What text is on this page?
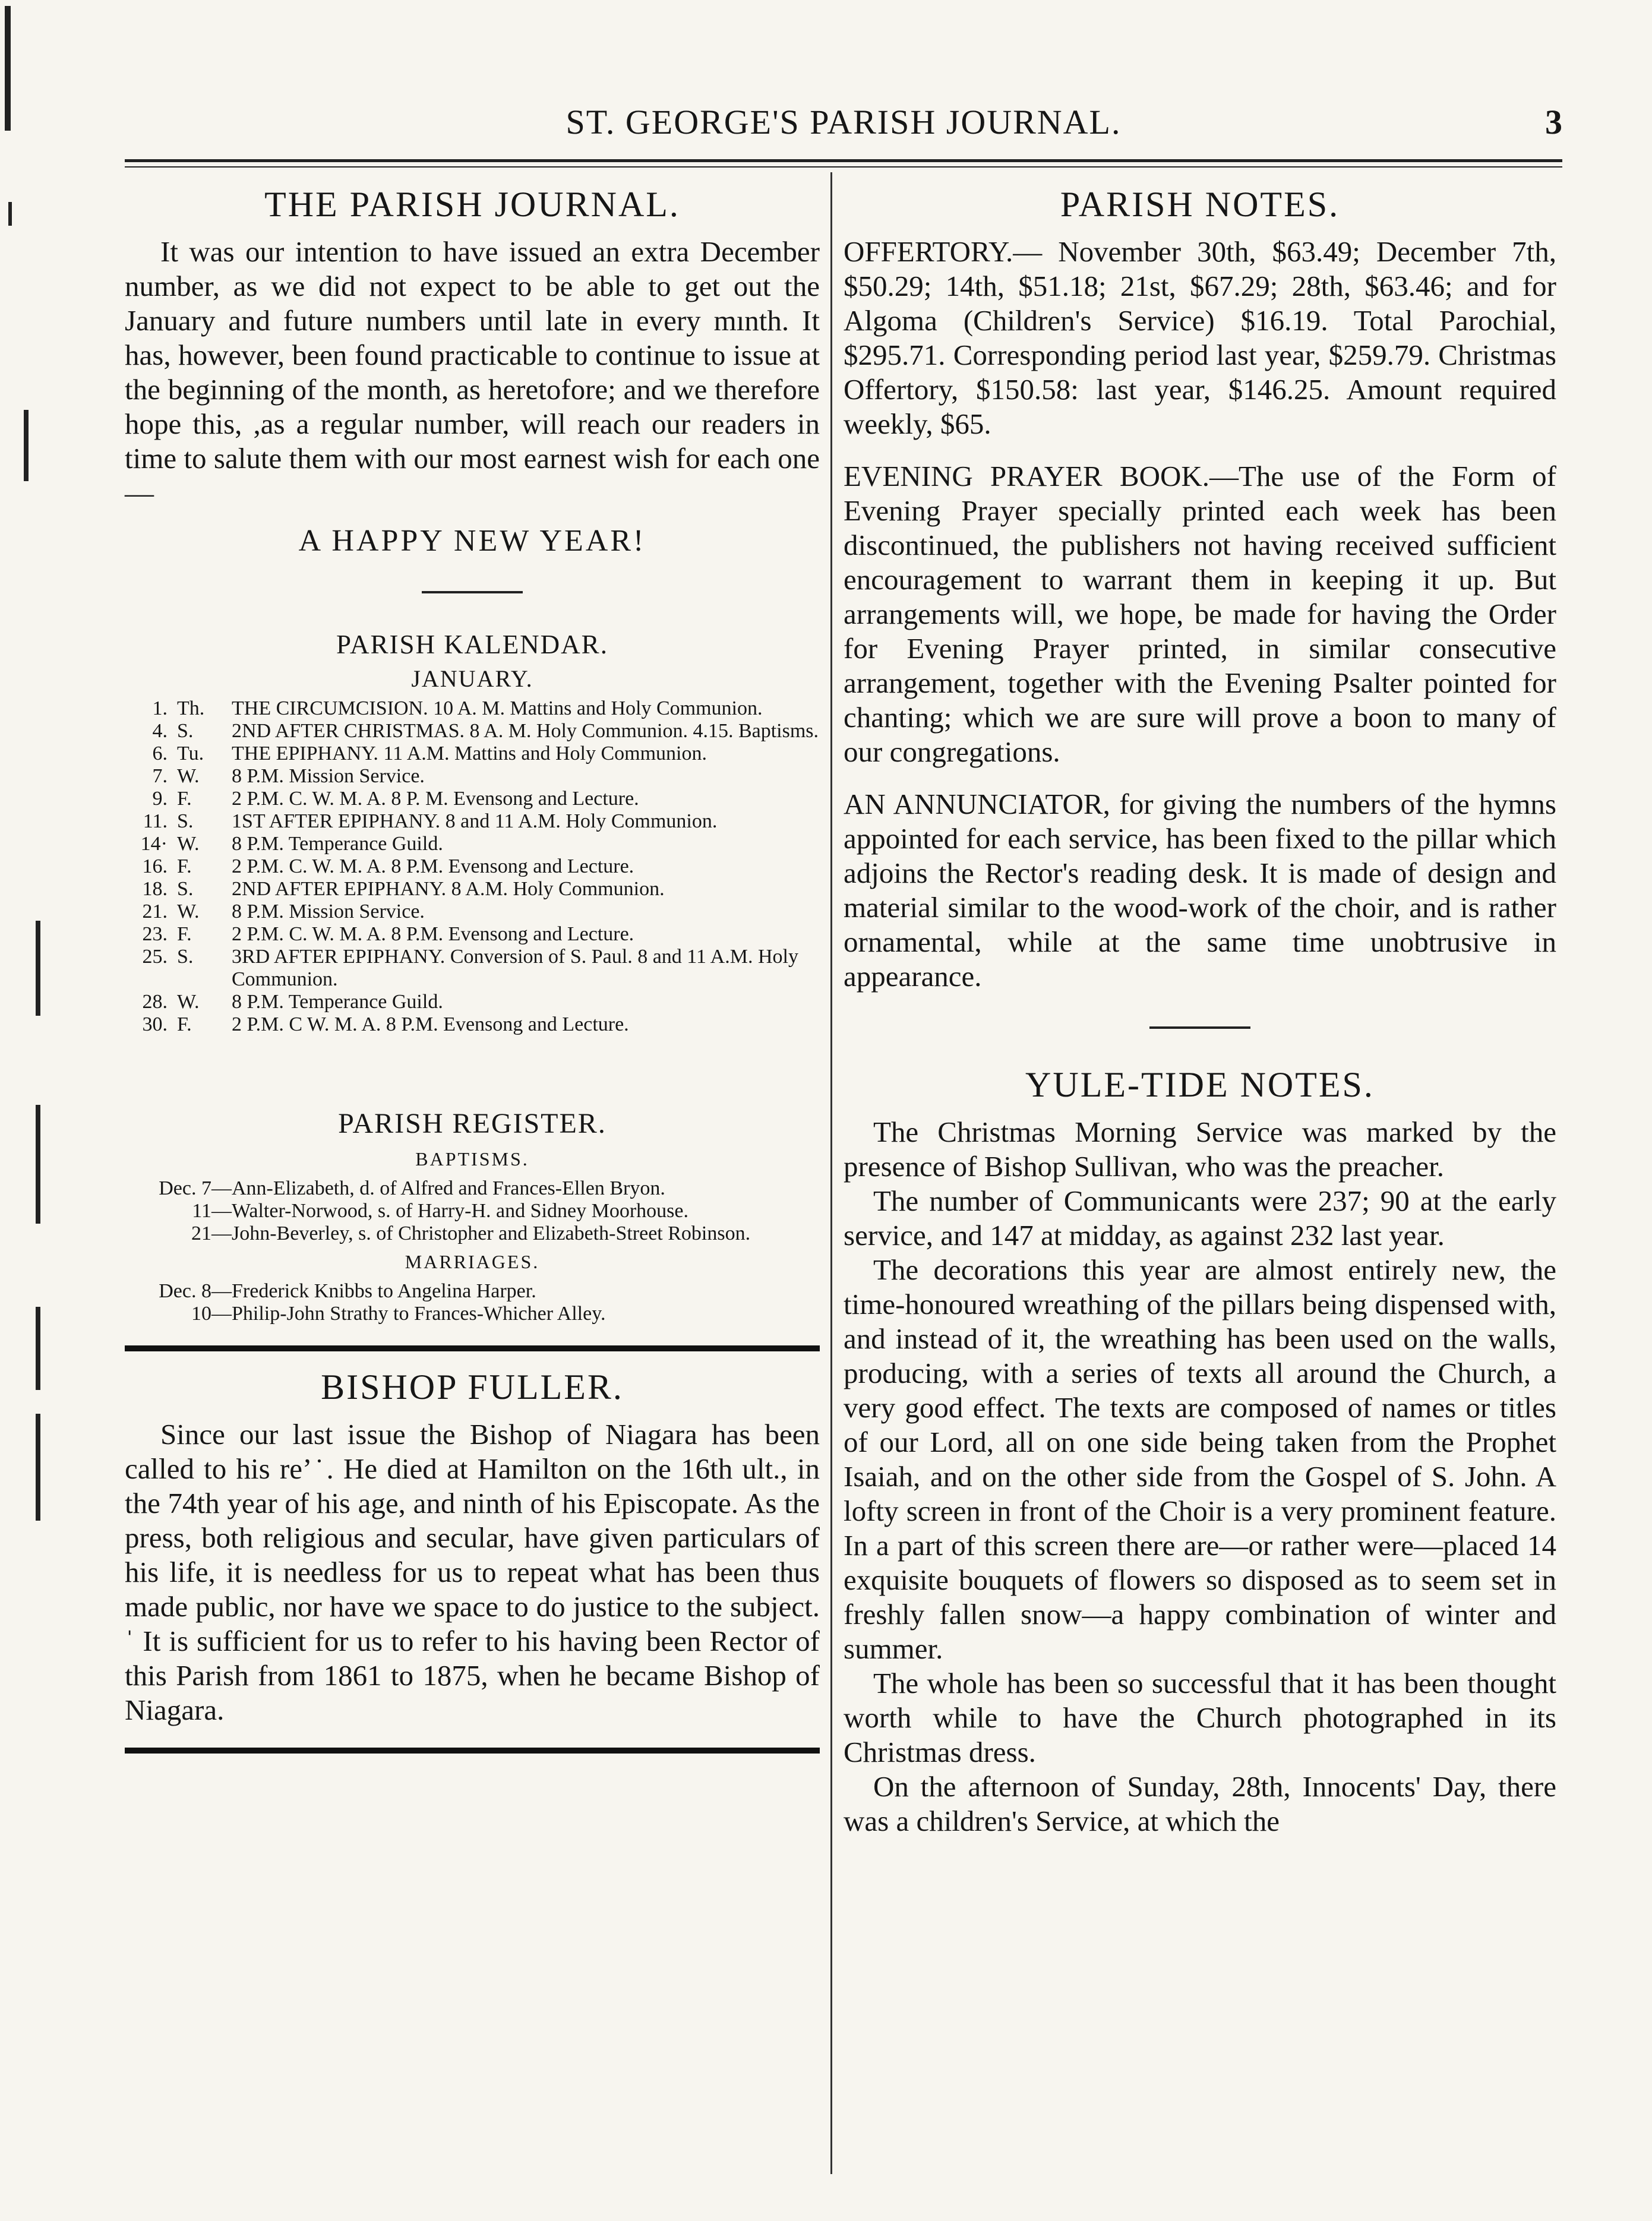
ST. GEORGE'S PARISH JOURNAL.	3
THE PARISH JOURNAL.

It was our intention to have issued an extra December number, as we did not expect to be able to get out the January and future numbers until late in every mınth. It has, however, been found practicable to continue to issue at the beginning of the month, as heretofore; and we therefore hope this, ,as a regular number, will reach our readers in time to salute them with our most earnest wish for each one—

A HAPPY NEW YEAR!
PARISH KALENDAR.
JANUARY.
1. Th.	THE CIRCUMCISION. 10 A. M. Mattins and Holy Communion.
4. S.	2ND AFTER CHRISTMAS. 8 A. M. Holy Communion. 4.15. Baptisms.
6. Tu.	THE EPIPHANY. 11 A.M. Mattins and Holy Communion.
7. W.	8 P.M. Mission Service.
9. F.	2 P.M. C. W. M. A. 8 P. M. Evensong and Lecture.
11. S.	1ST AFTER EPIPHANY. 8 and 11 A.M. Holy Communion.
14· W.	8 P.M. Temperance Guild.
16. F.	2 P.M. C. W. M. A. 8 P.M. Evensong and Lecture.
18. S.	2ND AFTER EPIPHANY. 8 A.M. Holy Communion.
21. W.	8 P.M. Mission Service.
23. F.	2 P.M. C. W. M. A. 8 P.M. Evensong and Lecture.
25. S.	3RD AFTER EPIPHANY. Conversion of S. Paul. 8 and 11 A.M. Holy Communion.
28. W.	8 P.M. Temperance Guild.
30. F.	2 P.M. C W. M. A. 8 P.M. Evensong and Lecture.
PARISH REGISTER.
BAPTISMS.
Dec. 7— Ann-Elizabeth, d. of Alfred and Frances-Ellen Bryon.
11— Walter-Norwood, s. of Harry-H. and Sidney Moorhouse.
21— John-Beverley, s. of Christopher and Elizabeth-Street Robinson.
MARRIAGES.
Dec. 8— Frederick Knibbs to Angelina Harper.
10— Philip-John Strathy to Frances-Whicher Alley.
BISHOP FULLER.

Since our last issue the Bishop of Niagara has been called to his re’˙. He died at Hamilton on the 16th ult., in the 74th year of his age, and ninth of his Episcopate. As the press, both religious and secular, have given particulars of his life, it is needless for us to repeat what has been thus made public, nor have we space to do justice to the subject. ˈ It is sufficient for us to refer to his having been Rector of this Parish from 1861 to 1875, when he became Bishop of Niagara.

PARISH NOTES.

OFFERTORY.— November 30th, $63.49; December 7th, $50.29; 14th, $51.18; 21st, $67.29; 28th, $63.46; and for Algoma (Children's Service) $16.19. Total Parochial, $295.71. Corresponding period last year, $259.79. Christmas Offertory, $150.58: last year, $146.25. Amount required weekly, $65.

EVENING PRAYER BOOK.—The use of the Form of Evening Prayer specially printed each week has been discontinued, the publishers not having received sufficient encouragement to warrant them in keeping it up. But arrangements will, we hope, be made for having the Order for Evening Prayer printed, in similar consecutive arrangement, together with the Evening Psalter pointed for chanting; which we are sure will prove a boon to many of our congregations.

AN ANNUNCIATOR, for giving the numbers of the hymns appointed for each service, has been fixed to the pillar which adjoins the Rector's reading desk. It is made of design and material similar to the wood-work of the choir, and is rather ornamental, while at the same time unobtrusive in appearance.

YULE-TIDE NOTES.

The Christmas Morning Service was marked by the presence of Bishop Sullivan, who was the preacher.

The number of Communicants were 237; 90 at the early service, and 147 at midday, as against 232 last year.

The decorations this year are almost entirely new, the time-honoured wreathing of the pillars being dispensed with, and instead of it, the wreathing has been used on the walls, producing, with a series of texts all around the Church, a very good effect. The texts are composed of names or titles of our Lord, all on one side being taken from the Prophet Isaiah, and on the other side from the Gospel of S. John. A lofty screen in front of the Choir is a very prominent feature. In a part of this screen there are—or rather were—placed 14 exquisite bouquets of flowers so disposed as to seem set in freshly fallen snow—a happy combination of winter and summer.

The whole has been so successful that it has been thought worth while to have the Church photographed in its Christmas dress.

On the afternoon of Sunday, 28th, Innocents' Day, there was a children's Service, at which the
